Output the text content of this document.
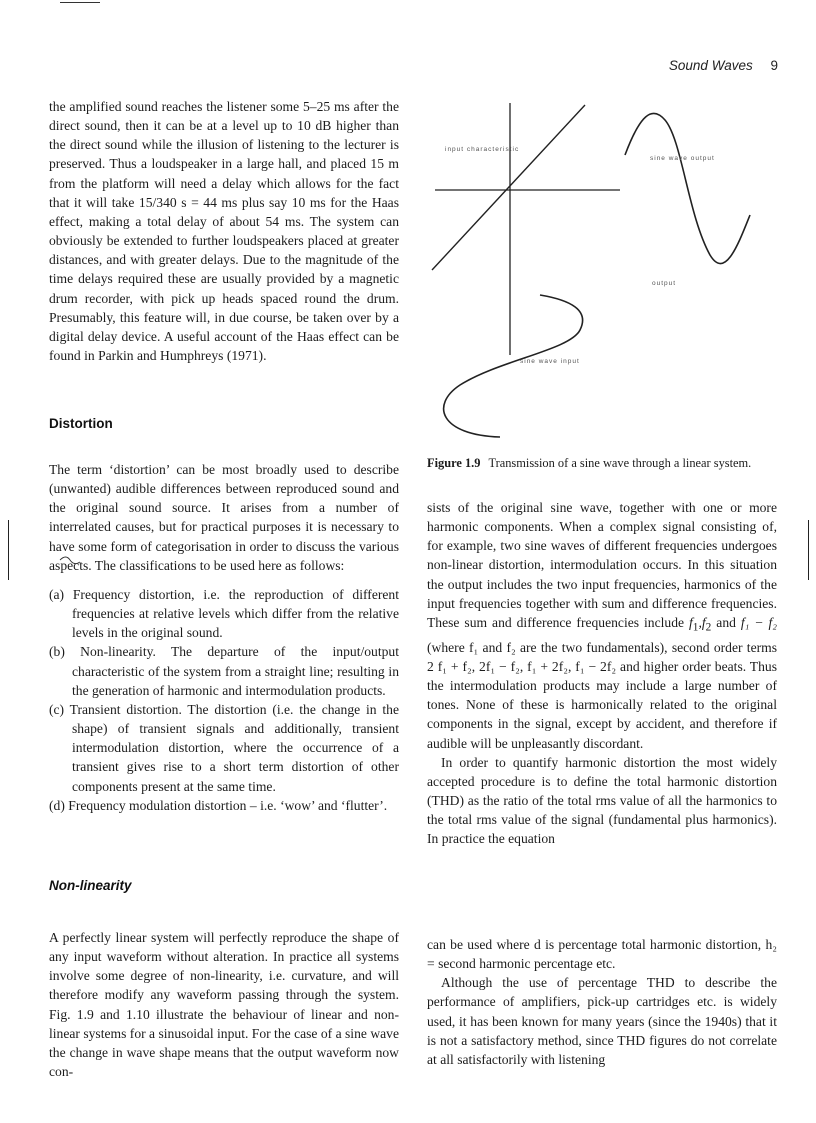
Sound Waves 9

the amplified sound reaches the listener some 5–25 ms after the direct sound, then it can be at a level up to 10 dB higher than the direct sound while the illusion of listening to the lecturer is preserved. Thus a loudspeaker in a large hall, and placed 15 m from the platform will need a delay which allows for the fact that it will take 15/340 s = 44 ms plus say 10 ms for the Haas effect, making a total delay of about 54 ms. The system can obviously be extended to further loudspeakers placed at greater distances, and with greater delays. Due to the magnitude of the time delays required these are usually provided by a magnetic drum recorder, with pick up heads spaced round the drum. Presumably, this feature will, in due course, be taken over by a digital delay device. A useful account of the Haas effect can be found in Parkin and Humphreys (1971).

Distortion

The term ‘distortion’ can be most broadly used to describe (unwanted) audible differences between reproduced sound and the original sound source. It arises from a number of interrelated causes, but for practical purposes it is necessary to have some form of categorisation in order to discuss the various aspects. The classifications to be used here as follows:

(a) Frequency distortion, i.e. the reproduction of different frequencies at relative levels which differ from the relative levels in the original sound.
(b) Non-linearity. The departure of the input/output characteristic of the system from a straight line; resulting in the generation of harmonic and intermodulation products.
(c) Transient distortion. The distortion (i.e. the change in the shape) of transient signals and additionally, transient intermodulation distortion, where the occurrence of a transient gives rise to a short term distortion of other components present at the same time.
(d) Frequency modulation distortion – i.e. ‘wow’ and ‘flutter’.
Non-linearity

A perfectly linear system will perfectly reproduce the shape of any input waveform without alteration. In practice all systems involve some degree of non-linearity, i.e. curvature, and will therefore modify any waveform passing through the system. Fig. 1.9 and 1.10 illustrate the behaviour of linear and non-linear systems for a sinusoidal input. For the case of a sine wave the change in wave shape means that the output waveform now con-

input characteristic
sine wave output
output
sine wave input
Figure 1.9 Transmission of a sine wave through a linear system.

sists of the original sine wave, together with one or more harmonic components. When a complex signal consisting of, for example, two sine waves of different frequencies undergoes non-linear distortion, intermodulation occurs. In this situation the output includes the two input frequencies, harmonics of the input frequencies together with sum and difference frequencies. These sum and difference frequencies include $f_1,f_2$ and f₁ − f₂ (where f₁ and f₂ are the two fundamentals), second order terms 2 f₁ + f₂, 2f₁ − f₂, f₁ + 2f₂, f₁ − 2f₂ and higher order beats. Thus the intermodulation products may include a large number of tones. None of these is harmonically related to the original components in the signal, except by accident, and therefore if audible will be unpleasantly discordant.

In order to quantify harmonic distortion the most widely accepted procedure is to define the total harmonic distortion (THD) as the ratio of the total rms value of all the harmonics to the total rms value of the signal (fundamental plus harmonics). In practice the equation

can be used where d is percentage total harmonic distortion, h₂ = second harmonic percentage etc.

Although the use of percentage THD to describe the performance of amplifiers, pick-up cartridges etc. is widely used, it has been known for many years (since the 1940s) that it is not a satisfactory method, since THD figures do not correlate at all satisfactorily with listening
